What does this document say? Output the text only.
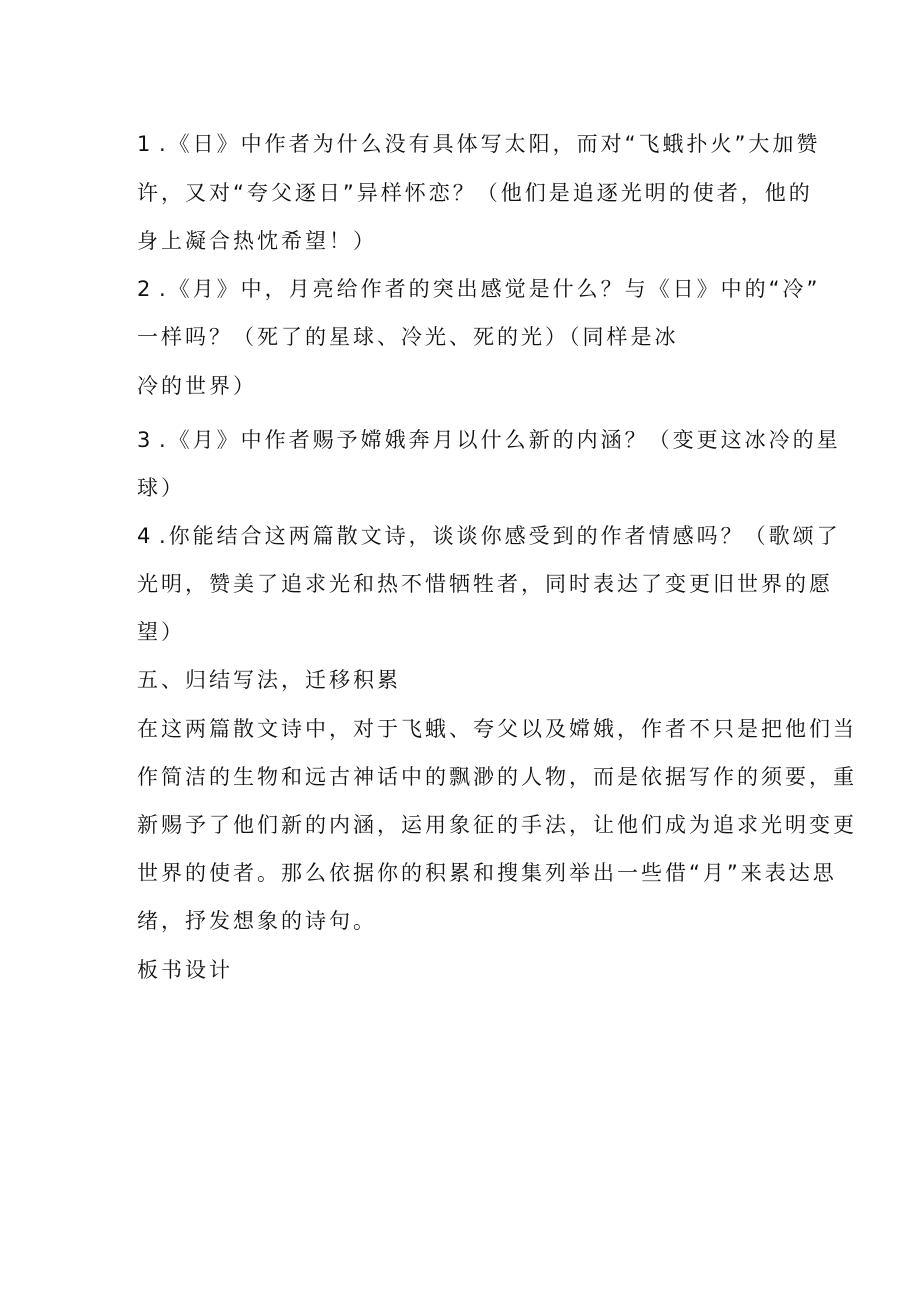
1 .《日》中作者为什么没有具体写太阳，而对“飞蛾扑火”大加赞
许，又对“夸父逐日”异样怀恋？（他们是追逐光明的使者，他的
身上凝合热忱希望！）
2 .《月》中，月亮给作者的突出感觉是什么？与《日》中的“冷”
一样吗？（死了的星球、冷光、死的光）（同样是冰
冷的世界）
3 .《月》中作者赐予嫦娥奔月以什么新的内涵？（变更这冰冷的星
球）
4 .你能结合这两篇散文诗，谈谈你感受到的作者情感吗？（歌颂了
光明，赞美了追求光和热不惜牺牲者，同时表达了变更旧世界的愿
望）
五、归结写法，迁移积累
在这两篇散文诗中，对于飞蛾、夸父以及嫦娥，作者不只是把他们当
作简洁的生物和远古神话中的飘渺的人物，而是依据写作的须要，重
新赐予了他们新的内涵，运用象征的手法，让他们成为追求光明变更
世界的使者。那么依据你的积累和搜集列举出一些借“月”来表达思
绪，抒发想象的诗句。
板书设计
